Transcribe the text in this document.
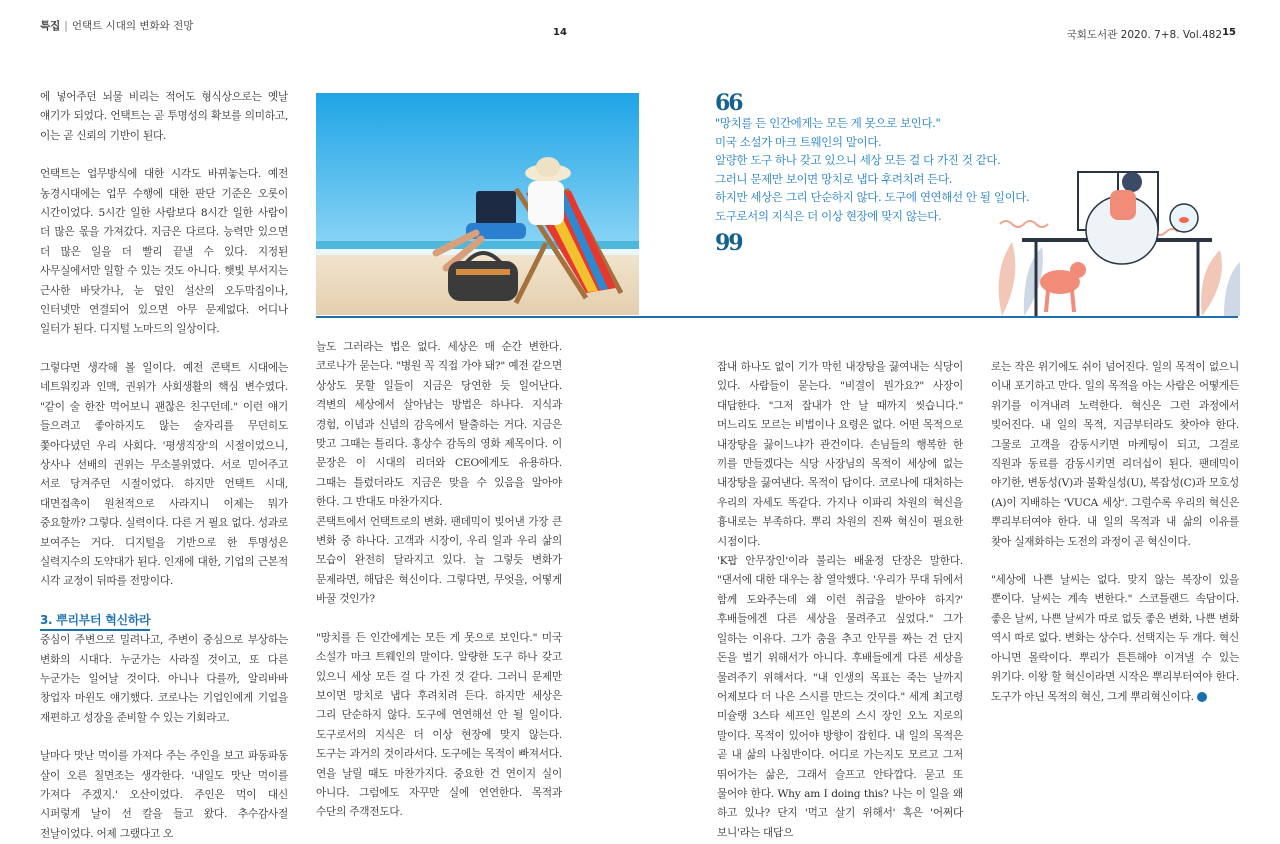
특집 | 언택트 시대의 변화와 전망
14	국회도서관 2020. 7+8. Vol.482 15

에 넣어주던 뇌물 비리는 적어도 형식상으로는 옛날 얘기가 되었다. 언택트는 곧 투명성의 확보를 의미하고, 이는 곧 신뢰의 기반이 된다.

언택트는 업무방식에 대한 시각도 바뀌놓는다. 예전 농경시대에는 업무 수행에 대한 판단 기준은 오롯이 시간이었다. 5시간 일한 사람보다 8시간 일한 사람이 더 많은 몫을 가져갔다. 지금은 다르다. 능력만 있으면 더 많은 일을 더 빨리 끝낼 수 있다. 지정된 사무실에서만 일할 수 있는 것도 아니다. 햇빛 부서지는 근사한 바닷가나, 눈 덮인 설산의 오두막집이나, 인터넷만 연결되어 있으면 아무 문제없다. 어디나 일터가 된다. 디지털 노마드의 일상이다.

그렇다면 생각해 볼 일이다. 예전 콘택트 시대에는 네트워킹과 인맥, 권위가 사회생활의 핵심 변수였다. "같이 술 한잔 먹어보니 괜찮은 친구던데." 이런 얘기 들으려고 좋아하지도 않는 술자리를 무던히도 쫓아다녔던 우리 사회다. '평생직장'의 시절이었으니, 상사나 선배의 권위는 무소불위였다. 서로 믿어주고 서로 당겨주던 시절이었다. 하지만 언택트 시대, 대면접촉이 원천적으로 사라지니 이제는 뭐가 중요할까? 그렇다. 실력이다. 다른 거 필요 없다. 성과로 보여주는 거다. 디지털을 기반으로 한 투명성은 실력지수의 도약대가 된다. 인재에 대한, 기업의 근본적 시각 교정이 뒤따를 전망이다.

3. 뿌리부터 혁신하라

중심이 주변으로 밀려나고, 주변이 중심으로 부상하는 변화의 시대다. 누군가는 사라질 것이고, 또 다른 누군가는 일어날 것이다. 아니나 다를까, 알리바바 창업자 마윈도 얘기했다. 코로나는 기업인에게 기업을 재편하고 성장을 준비할 수 있는 기회라고.

날마다 맛난 먹이를 가져다 주는 주인을 보고 파동파동 살이 오른 칠면조는 생각한다. '내일도 맛난 먹이를 가져다 주겠지.' 오산이었다. 주인은 먹이 대신 시퍼렇게 날이 선 칼을 들고 왔다. 추수감사절 전날이었다. 어제 그랬다고 오

66
"망치를 든 인간에게는 모든 게 못으로 보인다."
미국 소설가 마크 트웨인의 말이다.
알량한 도구 하나 갖고 있으니 세상 모든 걸 다 가진 것 같다.
그러니 문제만 보이면 망치로 냅다 후려치려 든다.
하지만 세상은 그리 단순하지 않다. 도구에 연연해선 안 될 일이다.
도구로서의 지식은 더 이상 현장에 맞지 않는다.
99

늘도 그러라는 법은 없다. 세상은 매 순간 변한다. 코로나가 묻는다. "병원 꼭 직접 가야 돼?" 예전 같으면 상상도 못할 일들이 지금은 당연한 듯 일어난다. 격변의 세상에서 살아남는 방법은 하나다. 지식과 경험, 이념과 신념의 감옥에서 탈출하는 거다. 지금은 맞고 그때는 틀리다. 홍상수 감독의 영화 제목이다. 이 문장은 이 시대의 리더와 CEO에게도 유용하다. 그때는 틀렸더라도 지금은 맞을 수 있음을 알아야 한다. 그 반대도 마찬가지다.

콘택트에서 언택트로의 변화. 팬데믹이 빚어낸 가장 큰 변화 중 하나다. 고객과 시장이, 우리 일과 우리 삶의 모습이 완전히 달라지고 있다. 늘 그렇듯 변화가 문제라면, 해답은 혁신이다. 그렇다면, 무엇을, 어떻게 바꿀 것인가?

"망치를 든 인간에게는 모든 게 못으로 보인다." 미국 소설가 마크 트웨인의 말이다. 알량한 도구 하나 갖고 있으니 세상 모든 걸 다 가진 것 같다. 그러니 문제만 보이면 망치로 냅다 후려치려 든다. 하지만 세상은 그리 단순하지 않다. 도구에 연연해선 안 될 일이다. 도구로서의 지식은 더 이상 현장에 맞지 않는다. 도구는 과거의 것이라서다. 도구에는 목적이 빠져서다. 연을 날릴 때도 마찬가지다. 중요한 건 연이지 실이 아니다. 그럼에도 자꾸만 실에 연연한다. 목적과 수단의 주객전도다.

잡내 하나도 없이 기가 막힌 내장탕을 끓여내는 식당이 있다. 사람들이 묻는다. "비결이 뭔가요?" 사장이 대답한다. "그저 잡내가 안 날 때까지 씻습니다." 머느리도 모르는 비법이나 요령은 없다. 어떤 목적으로 내장탕을 끓이느냐가 관건이다. 손님들의 행복한 한 끼를 만들겠다는 식당 사장님의 목적이 세상에 없는 내장탕을 끓여낸다. 목적이 답이다. 코로나에 대처하는 우리의 자세도 똑같다. 가지나 이파리 차원의 혁신을 흉내로는 부족하다. 뿌리 차원의 진짜 혁신이 필요한 시점이다.

'K팝 안무장인'이라 불리는 배윤정 단장은 말한다. "댄서에 대한 대우는 참 열악했다. '우리가 무대 뒤에서 함께 도와주는데 왜 이런 취급을 받아야 하지?' 후배들에겐 다른 세상을 물려주고 싶었다." 그가 일하는 이유다. 그가 춤을 추고 안무를 짜는 건 단지 돈을 벌기 위해서가 아니다. 후배들에게 다른 세상을 물려주기 위해서다. "내 인생의 목표는 죽는 날까지 어제보다 더 나은 스시를 만드는 것이다." 세계 최고령 미슐랭 3스타 셰프인 일본의 스시 장인 오노 지로의 말이다. 목적이 있어야 방향이 잡힌다. 내 일의 목적은 곧 내 삶의 나침반이다. 어디로 가는지도 모르고 그저 뛰어가는 삶은, 그래서 슬프고 안타깝다. 묻고 또 물어야 한다. Why am I doing this? 나는 이 일을 왜 하고 있나? 단지 '먹고 살기 위해서' 혹은 '어쩌다 보니'라는 대답으

로는 작은 위기에도 쉬이 넘어진다. 일의 목적이 없으니 이내 포기하고 만다. 일의 목적을 아는 사람은 어떻게든 위기를 이겨내려 노력한다. 혁신은 그런 과정에서 빚어진다. 내 일의 목적, 지금부터라도 찾아야 한다. 그물로 고객을 감동시키면 마케팅이 되고, 그걸로 직원과 동료를 감동시키면 리더십이 된다. 팬데믹이 야기한, 변동성(V)과 불확실성(U), 복잡성(C)과 모호성(A)이 지배하는 'VUCA 세상'. 그럴수록 우리의 혁신은 뿌리부터여야 한다. 내 일의 목적과 내 삶의 이유를 찾아 실재화하는 도전의 과정이 곧 혁신이다.

"세상에 나쁜 날씨는 없다. 맞지 않는 복장이 있을 뿐이다. 날씨는 계속 변한다." 스코틀랜드 속담이다. 좋은 날씨, 나쁜 날씨가 따로 없듯 좋은 변화, 나쁜 변화 역시 따로 없다. 변화는 상수다. 선택지는 두 개다. 혁신 아니면 몰락이다. 뿌리가 튼튼해야 이겨낼 수 있는 위기다. 이왕 할 혁신이라면 시작은 뿌리부터여야 한다. 도구가 아닌 목적의 혁신, 그게 뿌리혁신이다.
